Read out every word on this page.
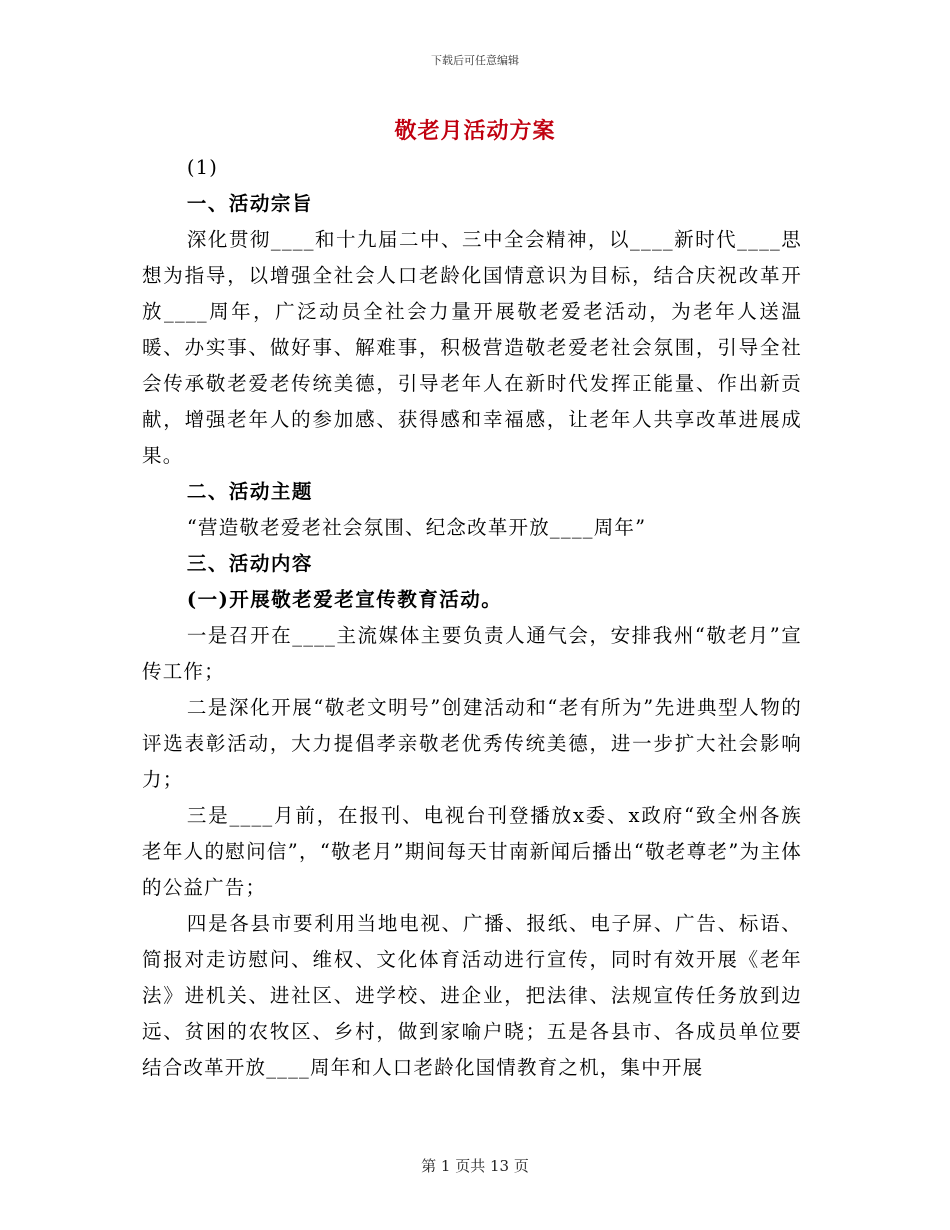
下载后可任意编辑
敬老月活动方案

(1)

一、活动宗旨

深化贯彻____和十九届二中、三中全会精神，以____新时代____思想为指导，以增强全社会人口老龄化国情意识为目标，结合庆祝改革开放____周年，广泛动员全社会力量开展敬老爱老活动，为老年人送温暖、办实事、做好事、解难事，积极营造敬老爱老社会氛围，引导全社会传承敬老爱老传统美德，引导老年人在新时代发挥正能量、作出新贡献，增强老年人的参加感、获得感和幸福感，让老年人共享改革进展成果。

二、活动主题

“营造敬老爱老社会氛围、纪念改革开放____周年”

三、活动内容

(一)开展敬老爱老宣传教育活动。

一是召开在____主流媒体主要负责人通气会，安排我州“敬老月”宣传工作；

二是深化开展“敬老文明号”创建活动和“老有所为”先进典型人物的评选表彰活动，大力提倡孝亲敬老优秀传统美德，进一步扩大社会影响力；

三是____月前，在报刊、电视台刊登播放x委、x政府“致全州各族老年人的慰问信”，“敬老月”期间每天甘南新闻后播出“敬老尊老”为主体的公益广告；

四是各县市要利用当地电视、广播、报纸、电子屏、广告、标语、简报对走访慰问、维权、文化体育活动进行宣传，同时有效开展《老年法》进机关、进社区、进学校、进企业，把法律、法规宣传任务放到边远、贫困的农牧区、乡村，做到家喻户晓；五是各县市、各成员单位要结合改革开放____周年和人口老龄化国情教育之机，集中开展

第 1 页共 13 页
